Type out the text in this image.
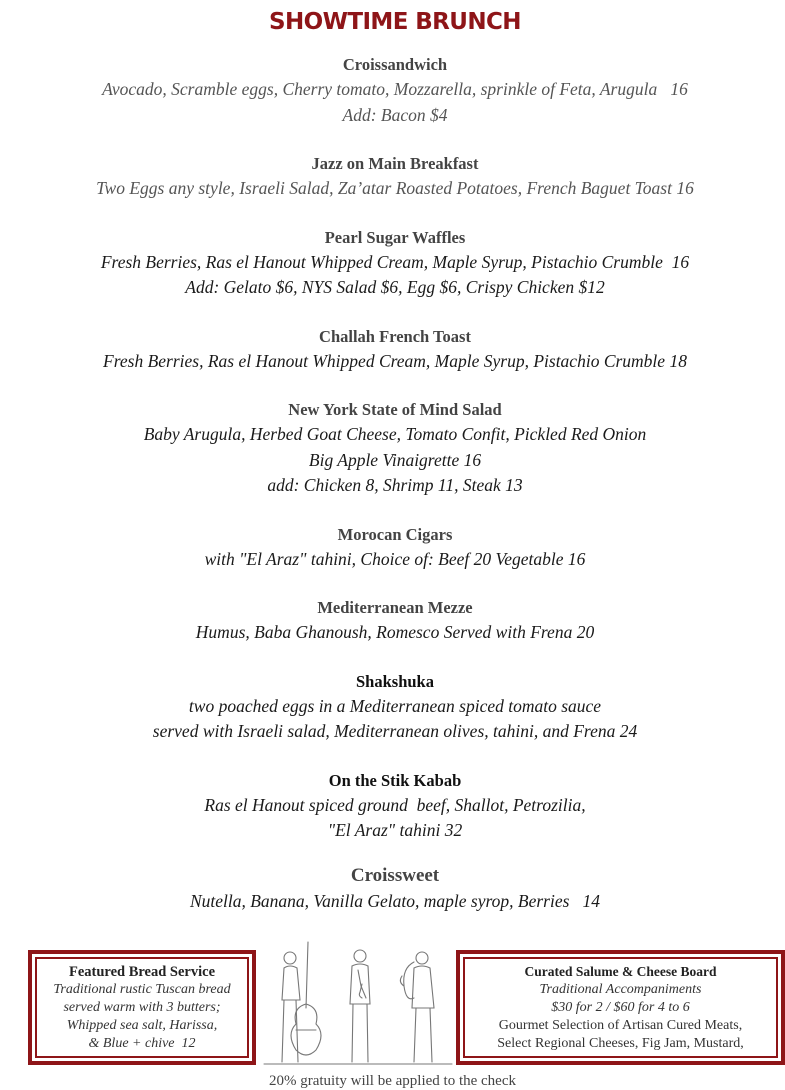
SHOWTIME BRUNCH
Croissandwich
Avocado, Scramble eggs, Cherry tomato, Mozzarella, sprinkle of Feta, Arugula   16
Add: Bacon $4
Jazz on Main Breakfast
Two Eggs any style, Israeli Salad, Za’atar Roasted Potatoes, French Baguet Toast 16
Pearl Sugar Waffles
Fresh Berries, Ras el Hanout Whipped Cream, Maple Syrup, Pistachio Crumble  16
Add: Gelato $6, NYS Salad $6, Egg $6, Crispy Chicken $12
Challah French Toast
Fresh Berries, Ras el Hanout Whipped Cream, Maple Syrup, Pistachio Crumble 18
New York State of Mind Salad
Baby Arugula, Herbed Goat Cheese, Tomato Confit, Pickled Red Onion
Big Apple Vinaigrette 16
add: Chicken 8, Shrimp 11, Steak 13
Morocan Cigars
with "El Araz" tahini, Choice of: Beef 20 Vegetable 16
Mediterranean Mezze
Humus, Baba Ghanoush, Romesco Served with Frena 20
Shakshuka
two poached eggs in a Mediterranean spiced tomato sauce
served with Israeli salad, Mediterranean olives, tahini, and Frena 24
On the Stik Kabab
Ras el Hanout spiced ground  beef, Shallot, Petrozilia,
"El Araz" tahini 32
Croissweet
Nutella, Banana, Vanilla Gelato, maple syrop, Berries   14
Featured Bread Service
Traditional rustic Tuscan bread
served warm with 3 butters;
Whipped sea salt, Harissa,
& Blue + chive  12
Curated Salume & Cheese Board
Traditional Accompaniments
$30 for 2 / $60 for 4 to 6
Gourmet Selection of Artisan Cured Meats,
Select Regional Cheeses, Fig Jam, Mustard,
20% gratuity will be applied to the check
